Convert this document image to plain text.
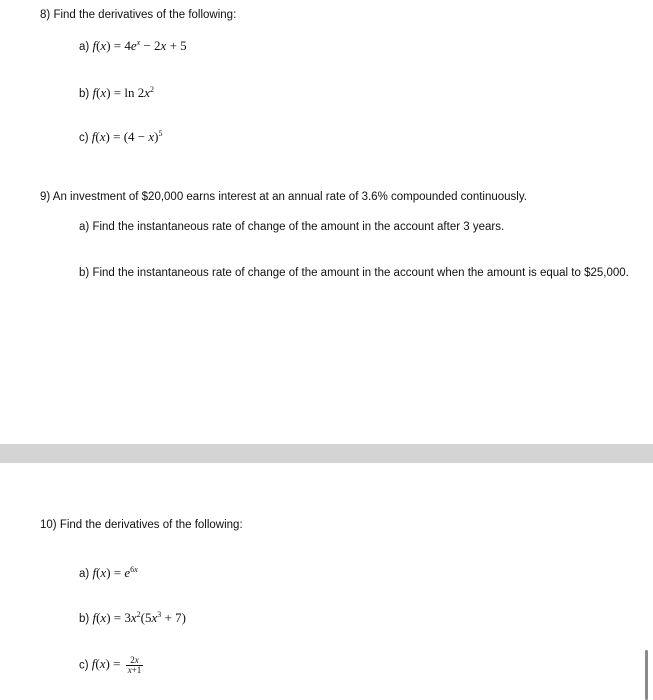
8) Find the derivatives of the following:
a) $f(x) = 4e^x - 2x + 5$
b) $f(x) = \ln 2x^2$
c) $f(x) = (4 - x)^5$
9) An investment of $20,000 earns interest at an annual rate of 3.6% compounded continuously.
a) Find the instantaneous rate of change of the amount in the account after 3 years.
b) Find the instantaneous rate of change of the amount in the account when the amount is equal to $25,000.
10) Find the derivatives of the following:
a) $f(x) = e^{6x}$
b) $f(x) = 3x^2(5x^3 + 7)$
c) $f(x) = \frac{2x}{x+1}$
